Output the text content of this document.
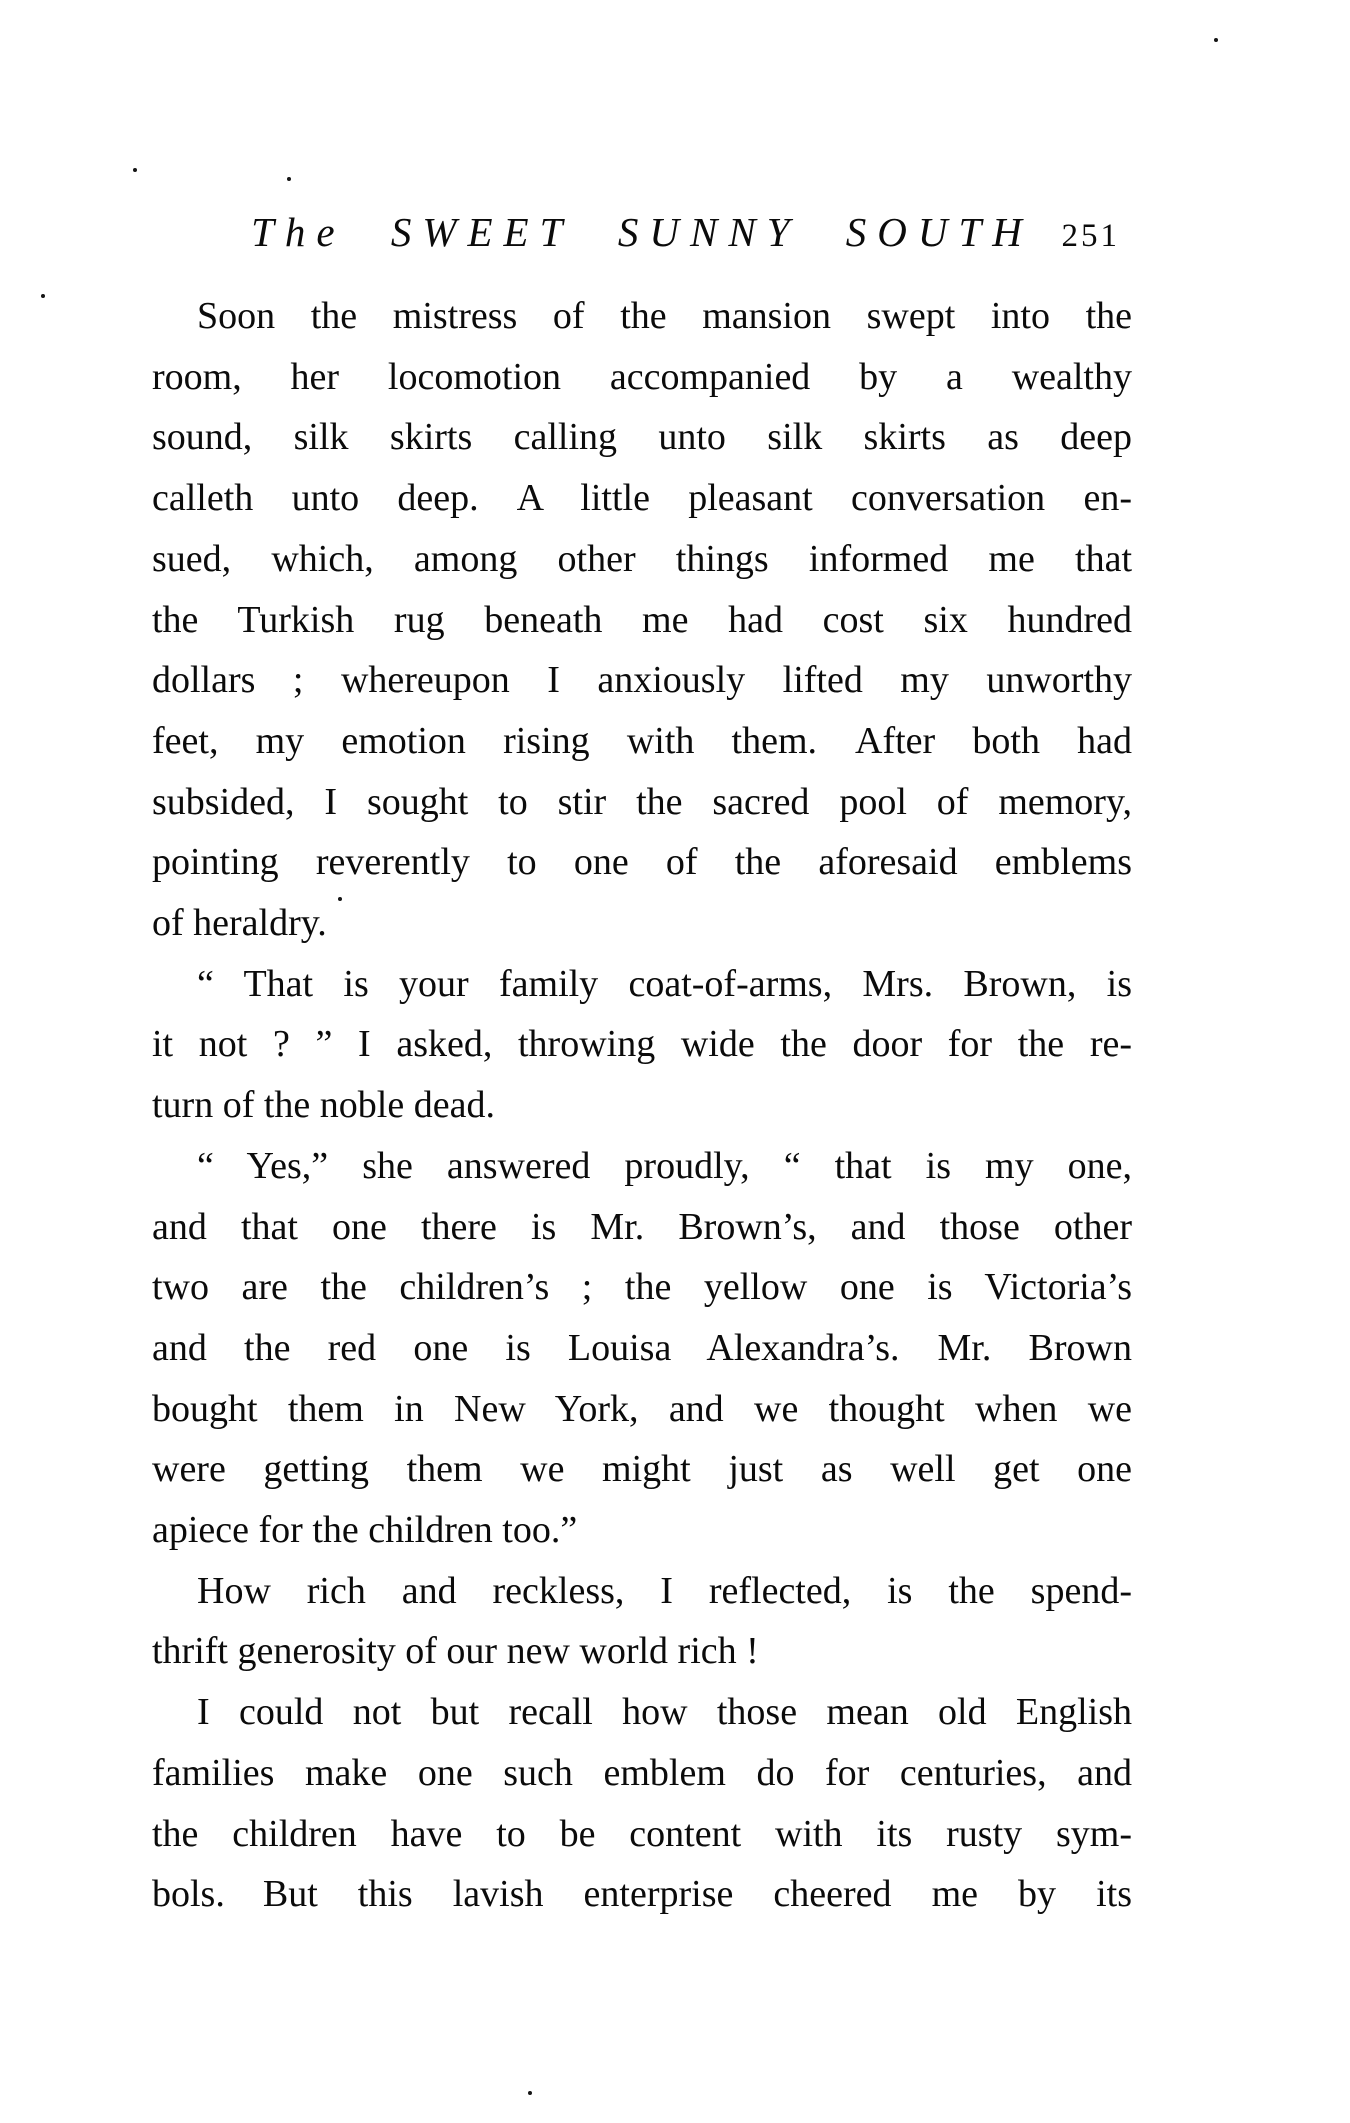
The SWEET SUNNY SOUTH 251
Soon the mistress of the mansion swept into the
room, her locomotion accompanied by a wealthy
sound, silk skirts calling unto silk skirts as deep
calleth unto deep. A little pleasant conversation en-
sued, which, among other things informed me that
the Turkish rug beneath me had cost six hundred
dollars ; whereupon I anxiously lifted my unworthy
feet, my emotion rising with them. After both had
subsided, I sought to stir the sacred pool of memory,
pointing reverently to one of the aforesaid emblems
of heraldry.
“ That is your family coat-of-arms, Mrs. Brown, is
it not ? ” I asked, throwing wide the door for the re-
turn of the noble dead.
“ Yes,” she answered proudly, “ that is my one,
and that one there is Mr. Brown’s, and those other
two are the children’s ; the yellow one is Victoria’s
and the red one is Louisa Alexandra’s. Mr. Brown
bought them in New York, and we thought when we
were getting them we might just as well get one
apiece for the children too.”
How rich and reckless, I reflected, is the spend-
thrift generosity of our new world rich !
I could not but recall how those mean old English
families make one such emblem do for centuries, and
the children have to be content with its rusty sym-
bols. But this lavish enterprise cheered me by its
